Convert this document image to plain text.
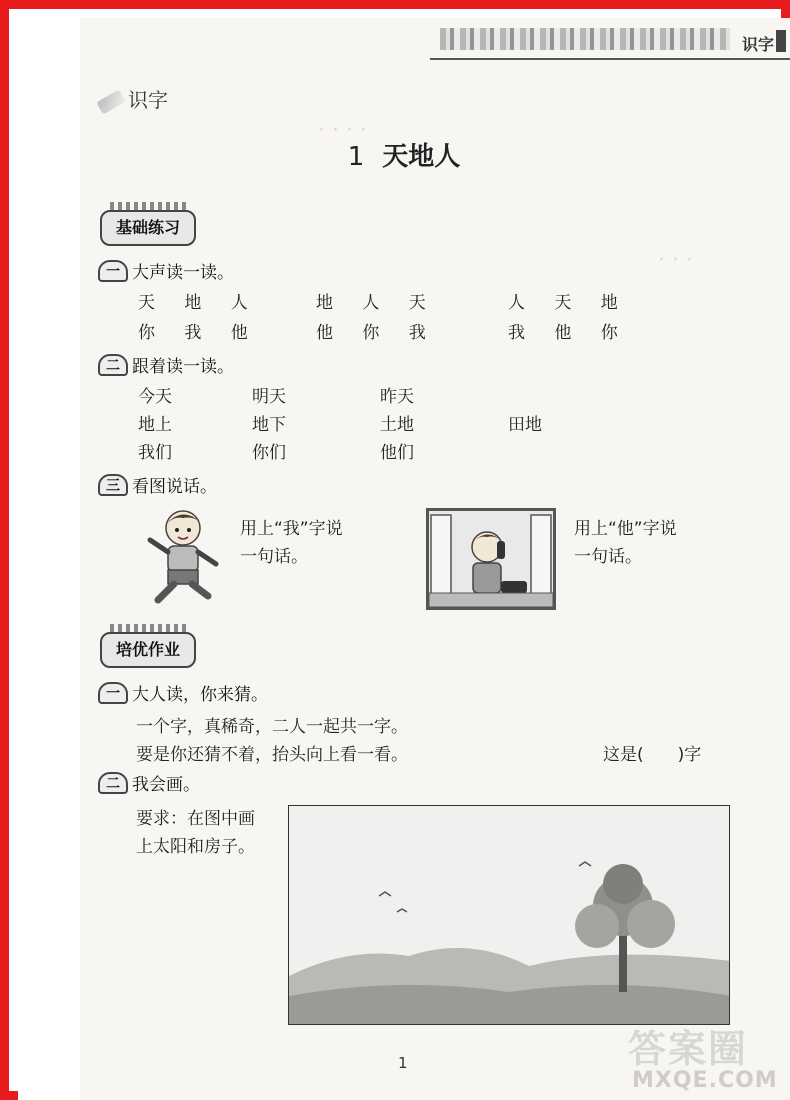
· · · ·
· · ·
识字
识字
1 天地人
基础练习
一 大声读一读。
天 地 人	地 人 天	人 天 地
你 我 他	他 你 我	我 他 你
二 跟着读一读。
今天	明天	昨天
地上	地下	土地	田地
我们	你们	他们
三 看图说话。
用上“我”字说
一句话。
用上“他”字说
一句话。
培优作业
一 大人读，你来猜。
一个字，真稀奇，二人一起共一字。
要是你还猜不着，抬头向上看一看。	这是(　　)字
二 我会画。
要求：在图中画
上太阳和房子。
1	答案圈
MXQE.COM
